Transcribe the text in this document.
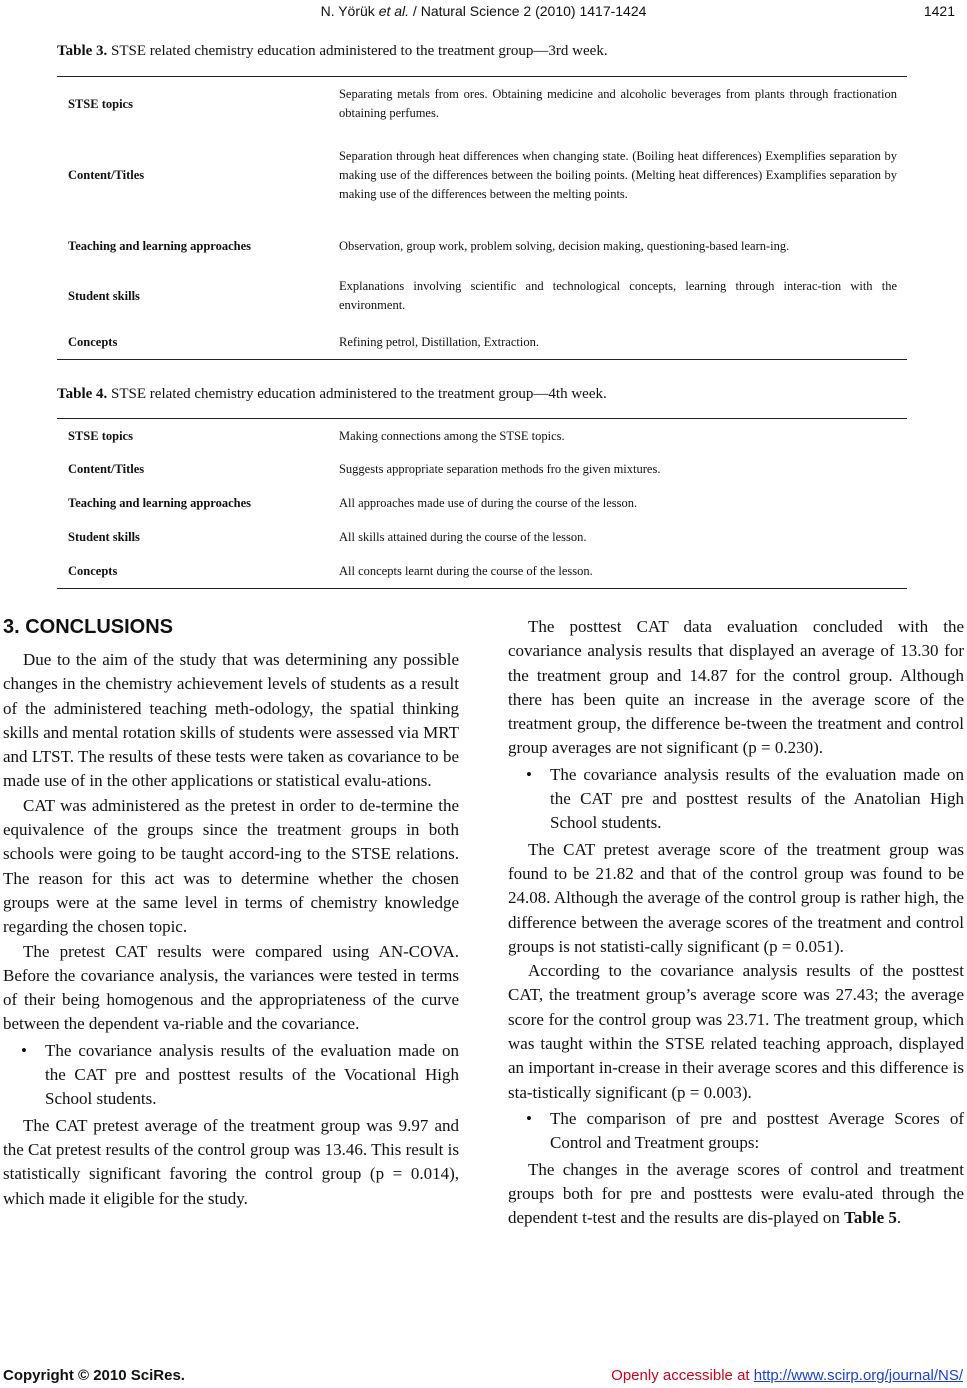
N. Yörük et al. / Natural Science 2 (2010) 1417-1424	1421
Table 3. STSE related chemistry education administered to the treatment group—3rd week.
STSE topics	Separating metals from ores. Obtaining medicine and alcoholic beverages from plants through fractionation obtaining perfumes.
Content/Titles	Separation through heat differences when changing state. (Boiling heat differences) Exemplifies separation by making use of the differences between the boiling points. (Melting heat differences) Examplifies separation by making use of the differences between the melting points.
Teaching and learning approaches	Observation, group work, problem solving, decision making, questioning-based learn-ing.
Student skills	Explanations involving scientific and technological concepts, learning through interac-tion with the environment.
Concepts	Refining petrol, Distillation, Extraction.
Table 4. STSE related chemistry education administered to the treatment group—4th week.
STSE topics	Making connections among the STSE topics.
Content/Titles	Suggests appropriate separation methods fro the given mixtures.
Teaching and learning approaches	All approaches made use of during the course of the lesson.
Student skills	All skills attained during the course of the lesson.
Concepts	All concepts learnt during the course of the lesson.
3. CONCLUSIONS

Due to the aim of the study that was determining any possible changes in the chemistry achievement levels of students as a result of the administered teaching meth-odology, the spatial thinking skills and mental rotation skills of students were assessed via MRT and LTST. The results of these tests were taken as covariance to be made use of in the other applications or statistical evalu-ations.

CAT was administered as the pretest in order to de-termine the equivalence of the groups since the treatment groups in both schools were going to be taught accord-ing to the STSE relations. The reason for this act was to determine whether the chosen groups were at the same level in terms of chemistry knowledge regarding the chosen topic.

The pretest CAT results were compared using AN-COVA. Before the covariance analysis, the variances were tested in terms of their being homogenous and the appropriateness of the curve between the dependent va-riable and the covariance.

• The covariance analysis results of the evaluation made on the CAT pre and posttest results of the Vocational High School students.

The CAT pretest average of the treatment group was 9.97 and the Cat pretest results of the control group was 13.46. This result is statistically significant favoring the control group (p = 0.014), which made it eligible for the study.

The posttest CAT data evaluation concluded with the covariance analysis results that displayed an average of 13.30 for the treatment group and 14.87 for the control group. Although there has been quite an increase in the average score of the treatment group, the difference be-tween the treatment and control group averages are not significant (p = 0.230).

• The covariance analysis results of the evaluation made on the CAT pre and posttest results of the Anatolian High School students.

The CAT pretest average score of the treatment group was found to be 21.82 and that of the control group was found to be 24.08. Although the average of the control group is rather high, the difference between the average scores of the treatment and control groups is not statisti-cally significant (p = 0.051).

According to the covariance analysis results of the posttest CAT, the treatment group’s average score was 27.43; the average score for the control group was 23.71. The treatment group, which was taught within the STSE related teaching approach, displayed an important in-crease in their average scores and this difference is sta-tistically significant (p = 0.003).

• The comparison of pre and posttest Average Scores of Control and Treatment groups:

The changes in the average scores of control and treatment groups both for pre and posttests were evalu-ated through the dependent t-test and the results are dis-played on Table 5.

Copyright © 2010 SciRes.	Openly accessible at http://www.scirp.org/journal/NS/
